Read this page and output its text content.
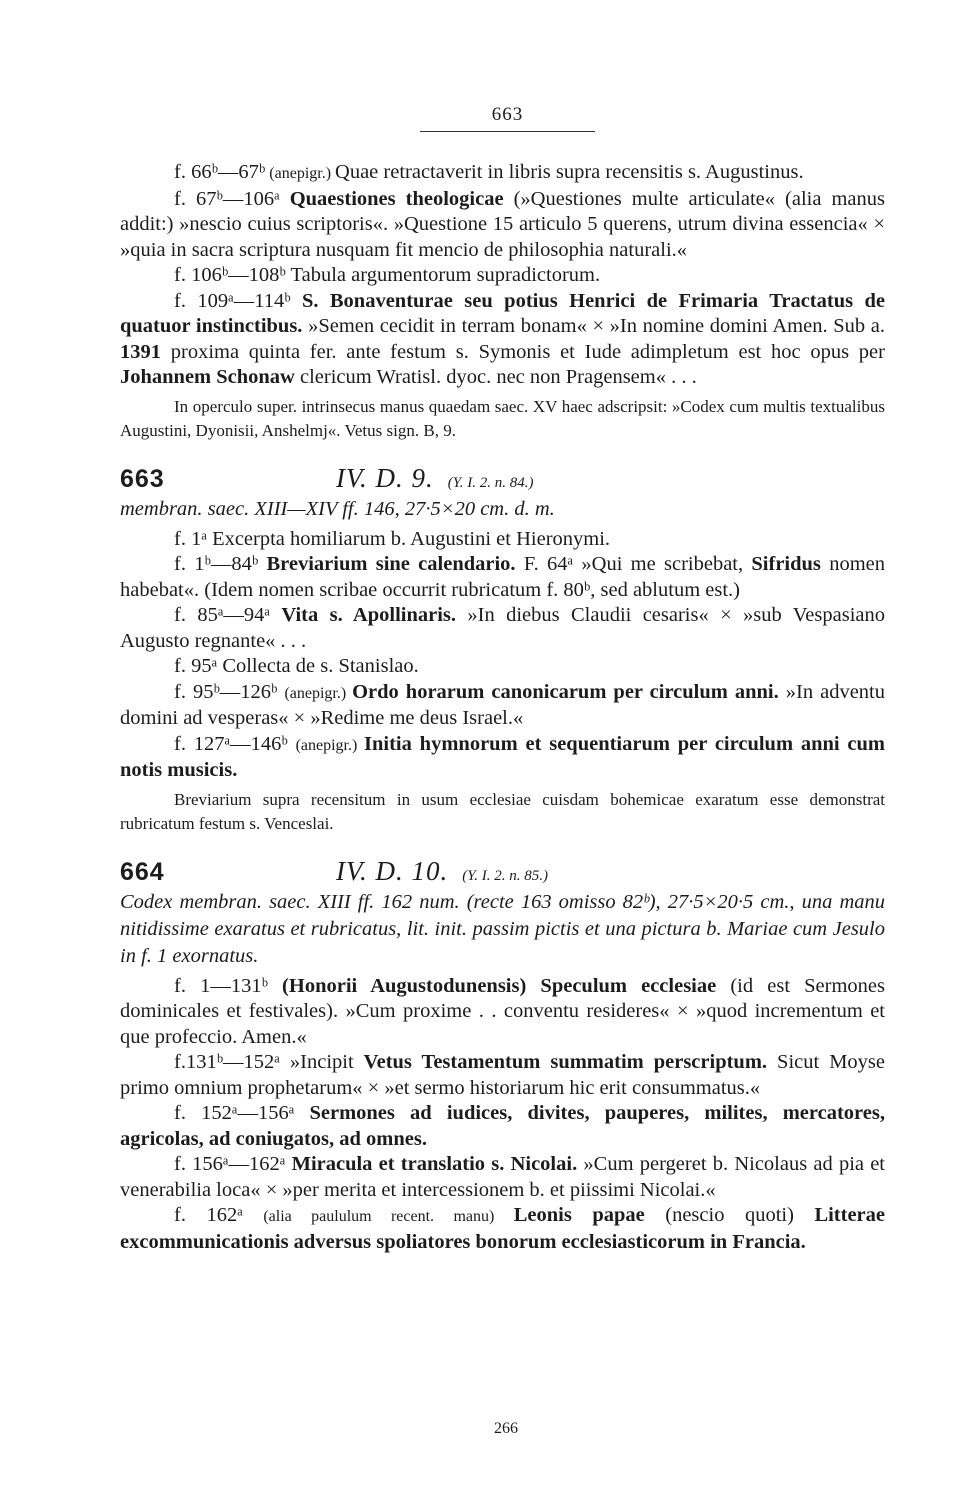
663

f. 66ᵇ—67ᵇ (anepigr.) Quae retractaverit in libris supra recensitis s. Augustinus.

f. 67ᵇ—106ᵃ Quaestiones theologicae (»Questiones multe articulate« (alia manus addit:) »nescio cuius scriptoris«. »Questione 15 articulo 5 querens, utrum divina essencia« × »quia in sacra scriptura nusquam fit mencio de philosophia naturali.«

f. 106ᵇ—108ᵇ Tabula argumentorum supradictorum.

f. 109ᵃ—114ᵇ S. Bonaventurae seu potius Henrici de Frimaria Tractatus de quatuor instinctibus. »Semen cecidit in terram bonam« × »In nomine domini Amen. Sub a. 1391 proxima quinta fer. ante festum s. Symonis et Iude adimpletum est hoc opus per Johannem Schonaw clericum Wratisl. dyoc. nec non Pragensem« . . .

In operculo super. intrinsecus manus quaedam saec. XV haec adscripsit: »Codex cum multis textualibus Augustini, Dyonisii, Anshelmj«. Vetus sign. B, 9.

663	IV. D. 9. (Y. I. 2. n. 84.)

membran. saec. XIII—XIV ff. 146, 27·5×20 cm. d. m.

f. 1ᵃ Excerpta homiliarum b. Augustini et Hieronymi.

f. 1ᵇ—84ᵇ Breviarium sine calendario. F. 64ᵃ »Qui me scribebat, Sifridus nomen habebat«. (Idem nomen scribae occurrit rubricatum f. 80ᵇ, sed ablutum est.)

f. 85ᵃ—94ᵃ Vita s. Apollinaris. »In diebus Claudii cesaris« × »sub Vespasiano Augusto regnante« . . .

f. 95ᵃ Collecta de s. Stanislao.

f. 95ᵇ—126ᵇ (anepigr.) Ordo horarum canonicarum per circulum anni. »In adventu domini ad vesperas« × »Redime me deus Israel.«

f. 127ᵃ—146ᵇ (anepigr.) Initia hymnorum et sequentiarum per circulum anni cum notis musicis.

Breviarium supra recensitum in usum ecclesiae cuisdam bohemicae exaratum esse demonstrat rubricatum festum s. Venceslai.

664	IV. D. 10. (Y. I. 2. n. 85.)

Codex membran. saec. XIII ff. 162 num. (recte 163 omisso 82ᵇ), 27·5×20·5 cm., una manu nitidissime exaratus et rubricatus, lit. init. passim pictis et una pictura b. Mariae cum Jesulo in f. 1 exornatus.

f. 1—131ᵇ (Honorii Augustodunensis) Speculum ecclesiae (id est Sermones dominicales et festivales). »Cum proxime . . conventu resideres« × »quod incrementum et que profeccio. Amen.«

f.131ᵇ—152ᵃ »Incipit Vetus Testamentum summatim perscriptum. Sicut Moyse primo omnium prophetarum« × »et sermo historiarum hic erit consummatus.«

f. 152ᵃ—156ᵃ Sermones ad iudices, divites, pauperes, milites, mercatores, agricolas, ad coniugatos, ad omnes.

f. 156ᵃ—162ᵃ Miracula et translatio s. Nicolai. »Cum pergeret b. Nicolaus ad pia et venerabilia loca« × »per merita et intercessionem b. et piissimi Nicolai.«

f. 162ᵃ (alia paululum recent. manu) Leonis papae (nescio quoti) Litterae excommunicationis adversus spoliatores bonorum ecclesiasticorum in Francia.

266
